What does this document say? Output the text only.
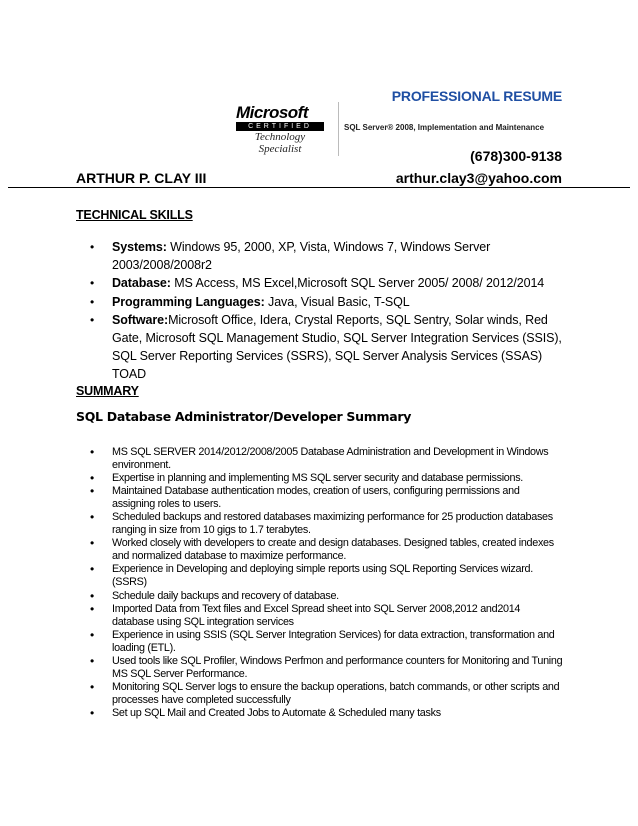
PROFESSIONAL RESUME
Microsoft
CERTIFIED
Technology
Specialist
SQL Server® 2008, Implementation and Maintenance
(678)300-9138
ARTHUR P. CLAY III	arthur.clay3@yahoo.com
TECHNICAL SKILLS
• Systems: Windows 95, 2000, XP, Vista, Windows 7, Windows Server 2003/2008/2008r2
• Database: MS Access, MS Excel,Microsoft SQL Server 2005/ 2008/ 2012/2014
• Programming Languages: Java, Visual Basic, T-SQL
• Software:Microsoft Office, Idera, Crystal Reports, SQL Sentry, Solar winds, Red Gate, Microsoft SQL Management Studio, SQL Server Integration Services (SSIS), SQL Server Reporting Services (SSRS), SQL Server Analysis Services (SSAS) TOAD
SUMMARY
SQL Database Administrator/Developer Summary
• MS SQL SERVER 2014/2012/2008/2005 Database Administration and Development in Windows environment.
• Expertise in planning and implementing MS SQL server security and database permissions.
• Maintained Database authentication modes, creation of users, configuring permissions and assigning roles to users.
• Scheduled backups and restored databases maximizing performance for 25 production databases ranging in size from 10 gigs to 1.7 terabytes.
• Worked closely with developers to create and design databases. Designed tables, created indexes and normalized database to maximize performance.
• Experience in Developing and deploying simple reports using SQL Reporting Services wizard. (SSRS)
• Schedule daily backups and recovery of database.
• Imported Data from Text files and Excel Spread sheet into SQL Server 2008,2012 and2014 database using SQL integration services
• Experience in using SSIS (SQL Server Integration Services) for data extraction, transformation and loading (ETL).
• Used tools like SQL Profiler, Windows Perfmon and performance counters for Monitoring and Tuning MS SQL Server Performance.
• Monitoring SQL Server logs to ensure the backup operations, batch commands, or other scripts and processes have completed successfully
• Set up SQL Mail and Created Jobs to Automate & Scheduled many tasks
